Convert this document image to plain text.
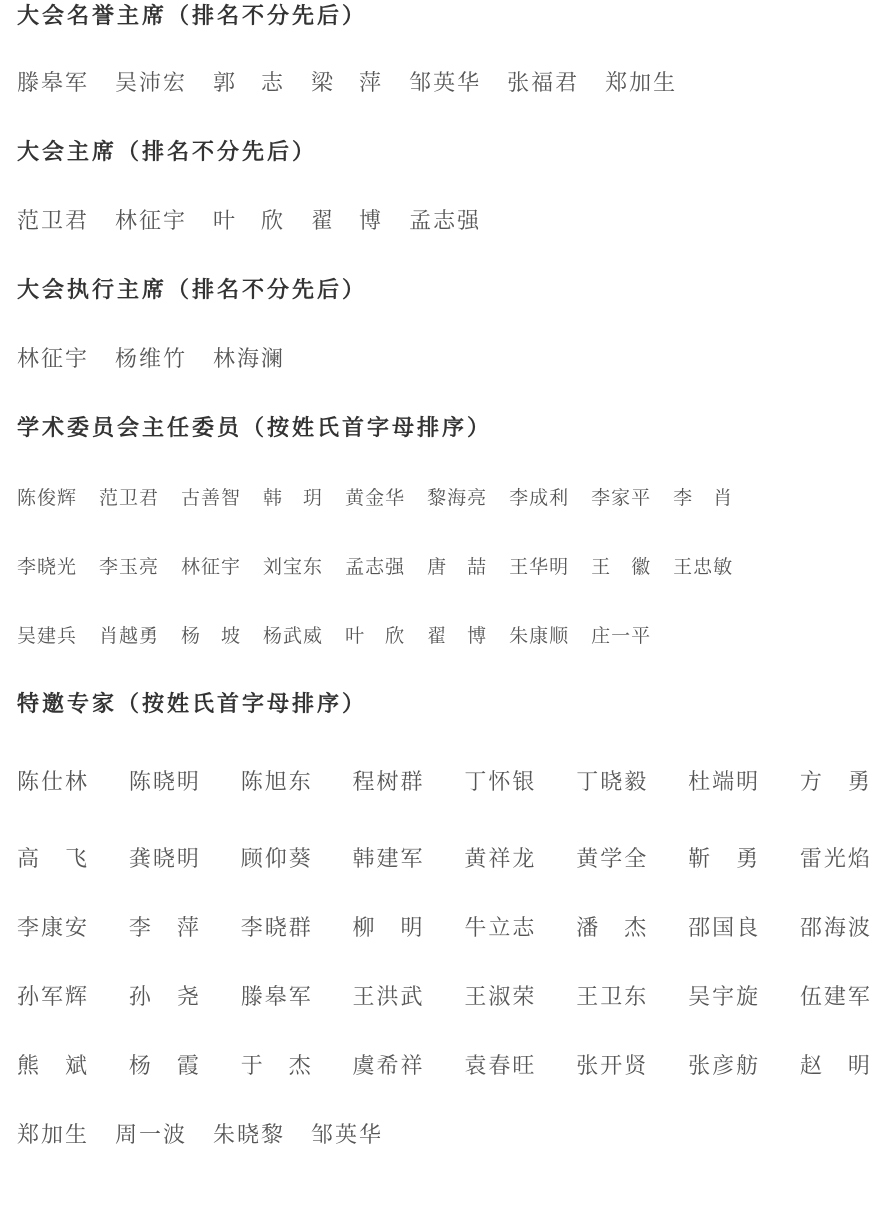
大会名誉主席（排名不分先后）
滕皋军 吴沛宏 郭　志 梁　萍 邹英华 张福君 郑加生
大会主席（排名不分先后）
范卫君 林征宇 叶　欣 翟　博 孟志强
大会执行主席（排名不分先后）
林征宇 杨维竹 林海澜
学术委员会主任委员（按姓氏首字母排序）
陈俊辉 范卫君 古善智 韩　玥 黄金华 黎海亮 李成利 李家平 李　肖
李晓光 李玉亮 林征宇 刘宝东 孟志强 唐　喆 王华明 王　徽 王忠敏
吴建兵 肖越勇 杨　坡 杨武威 叶　欣 翟　博 朱康顺 庄一平
特邀专家（按姓氏首字母排序）
陈仕林 陈晓明 陈旭东 程树群 丁怀银 丁晓毅 杜端明 方　勇
高　飞 龚晓明 顾仰葵 韩建军 黄祥龙 黄学全 靳　勇 雷光焰
李康安 李　萍 李晓群 柳　明 牛立志 潘　杰 邵国良 邵海波
孙军辉 孙　尧 滕皋军 王洪武 王淑荣 王卫东 吴宇旋 伍建军
熊　斌 杨　霞 于　杰 虞希祥 袁春旺 张开贤 张彦舫 赵　明
郑加生 周一波 朱晓黎 邹英华
